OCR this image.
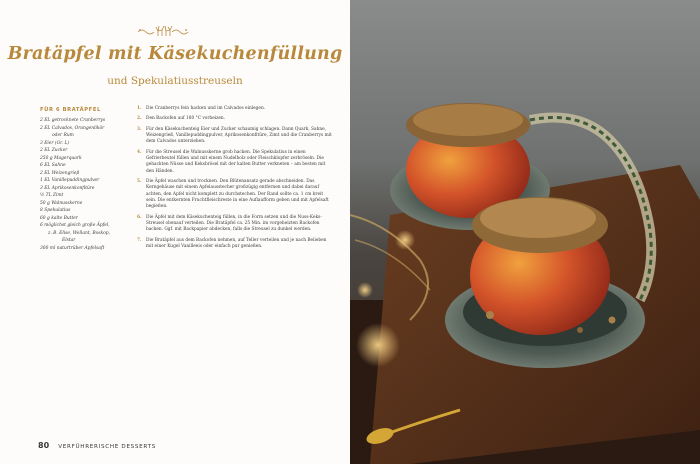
Bratäpfel mit Käsekuchenfüllung
und Spekulatiusstreuseln
FÜR 6 BRATÄPFEL
2 EL getrocknete Cranberrys
2 EL Calvados, Orangenlikör
oder Rum
3 Eier (Gr. L)
2 EL Zucker
250 g Magerquark
6 EL Sahne
2 EL Weizengrieß
1 EL Vanillepuddingpulver
3 EL Aprikosenkonfitüre
½ TL Zimt
50 g Walnusskerne
8 Spekulatius
60 g kalte Butter
6 möglichst gleich große Äpfel,
z. B. Elise, Wellant, Boskop,
Elstar
300 ml naturtrüber Apfelsaft
1. Die Cranberrys fein hacken und im Calvados einlegen.
2. Den Backofen auf 180 °C vorheizen.
3. Für den Käsekuchenteig Eier und Zucker schaumig schlagen. Dann Quark, Sahne, Weizengrieß, Vanillepuddingpulver, Aprikosenkonfitüre, Zimt und die Cranberrys mit dem Calvados unterziehen.
4. Für die Streusel die Walnusskerne grob hacken. Die Spekulatius in einen Gefrierbeutel füllen und mit einem Nudelholz oder Fleischklopfer zerbröseln. Die gehackten Nüsse und Keksbrösel mit der kalten Butter verkneten – am besten mit den Händen.
5. Die Äpfel waschen und trocknen. Den Blütenansatz gerade abschneiden. Das Kerngehäuse mit einem Apfelausstecher großzügig entfernen und dabei darauf achten, den Apfel nicht komplett zu durchstechen. Der Rand sollte ca. 1 cm breit sein. Die entkernten Fruchtfleischreste in eine Auflaufform geben und mit Apfelsaft begießen.
6. Die Äpfel mit dem Käsekuchenteig füllen, in die Form setzen und die Nuss-Keks-Streusel obenauf verteilen. Die Bratäpfel ca. 25 Min. im vorgeheizten Backofen backen. Ggf. mit Backpapier abdecken, falls die Streusel zu dunkel werden.
7. Die Bratäpfel aus dem Backofen nehmen, auf Teller verteilen und je nach Belieben mit einer Kugel Vanilleeis oder einfach pur genießen.
80 VERFÜHRERISCHE DESSERTS
